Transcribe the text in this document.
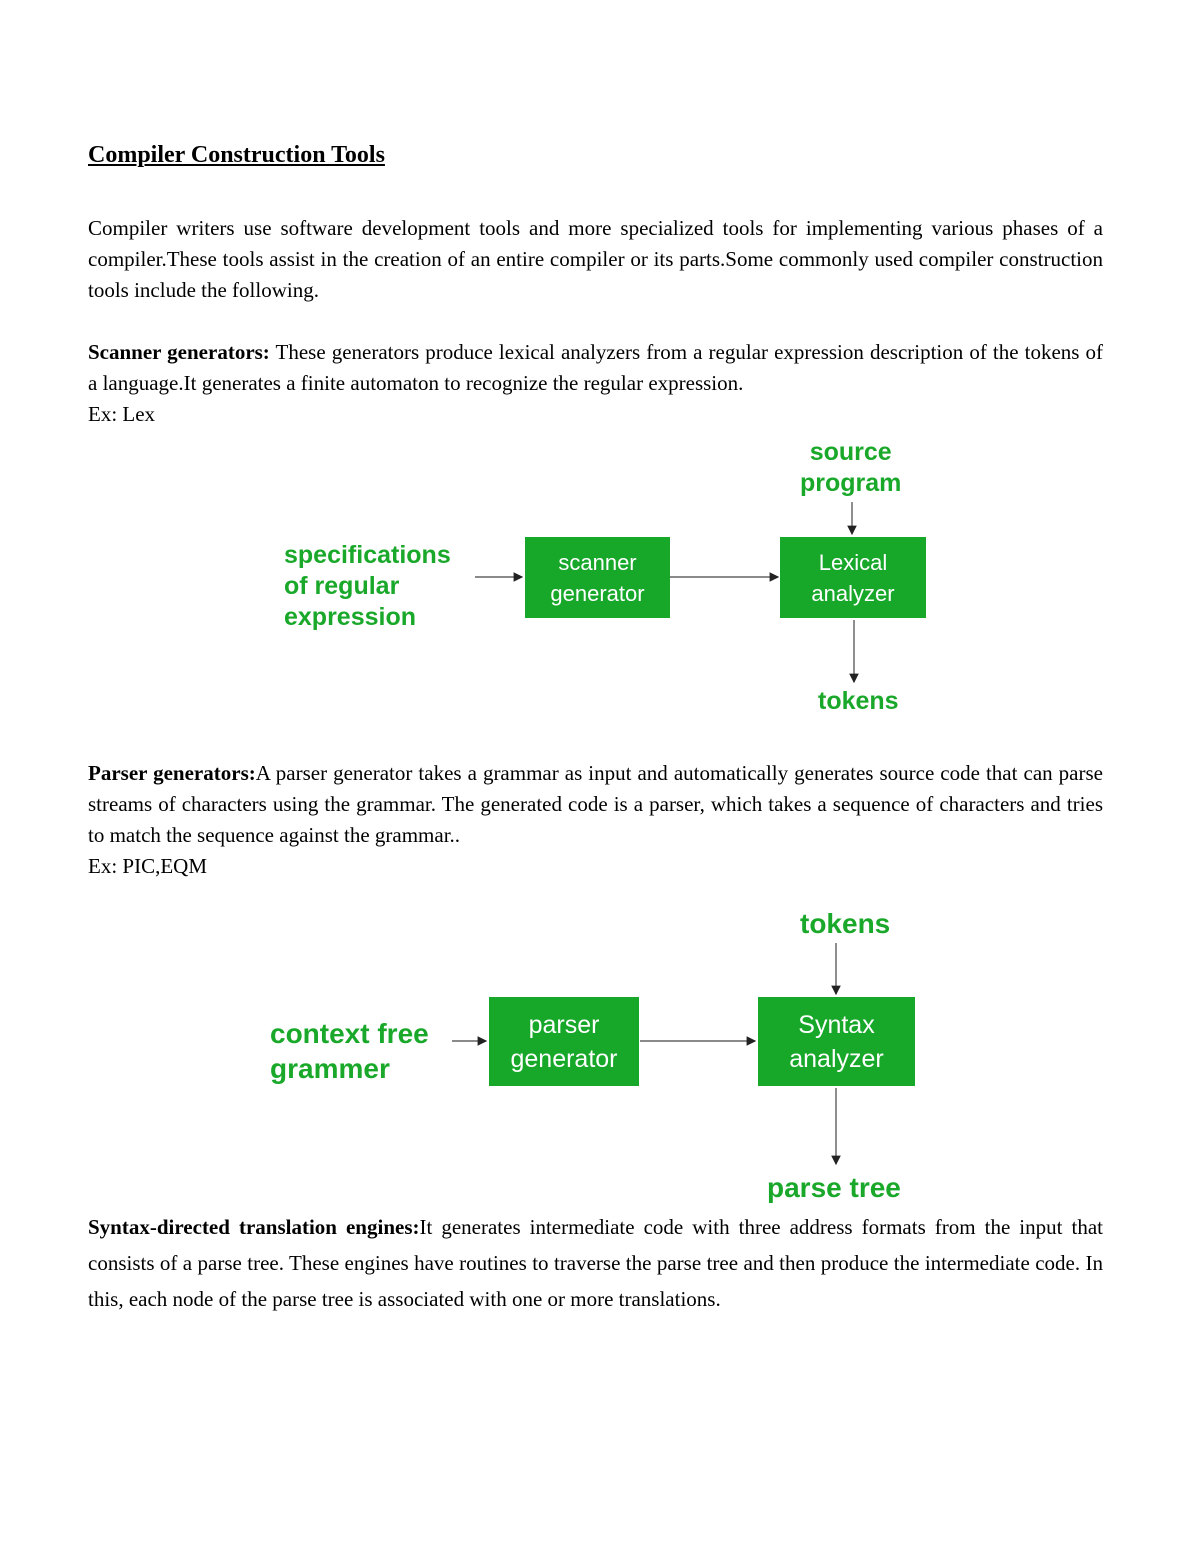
Compiler Construction Tools

Compiler writers use software development tools and more specialized tools for implementing various phases of a compiler.These tools assist in the creation of an entire compiler or its parts.Some commonly used compiler construction tools include the following.

Scanner generators: These generators produce lexical analyzers from a regular expression description of the tokens of a language.It generates a finite automaton to recognize the regular expression.

Ex: Lex
specifications
of regular
expression
scanner
generator
Lexical
analyzer
source
program
tokens

Parser generators:A parser generator takes a grammar as input and automatically generates source code that can parse streams of characters using the grammar. The generated code is a parser, which takes a sequence of characters and tries to match the sequence against the grammar..

Ex: PIC,EQM
context free
grammer
parser
generator
Syntax
analyzer
tokens
parse tree

Syntax-directed translation engines:It generates intermediate code with three address formats from the input that consists of a parse tree. These engines have routines to traverse the parse tree and then produce the intermediate code. In this, each node of the parse tree is associated with one or more translations.
